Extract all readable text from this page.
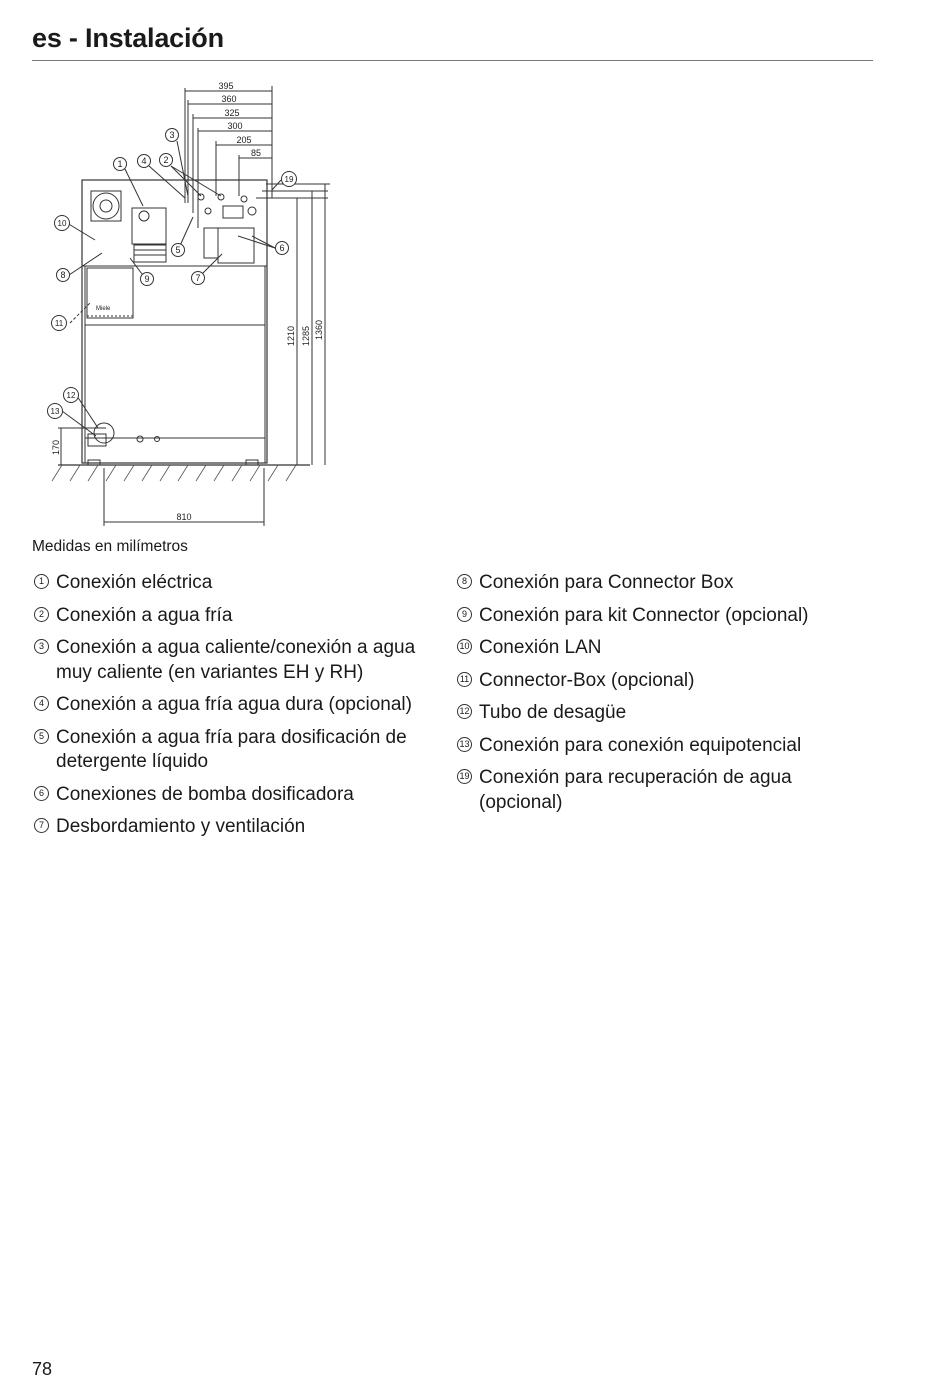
es - Instalación
395
360
325
300
205
85
1210 1285 1360
810
170
Miele
1	2
3
4
5	6
7
8	9
10
11
12
13
19
Medidas en milímetros
1 Conexión eléctrica
2 Conexión a agua fría
3 Conexión a agua caliente/conexión a agua muy caliente (en variantes EH y RH)
4 Conexión a agua fría agua dura (opcional)
5 Conexión a agua fría para dosificación de detergente líquido
6 Conexiones de bomba dosificadora
7 Desbordamiento y ventilación
8 Conexión para Connector Box
9 Conexión para kit Connector (opcional)
10 Conexión LAN
11 Connector-Box (opcional)
12 Tubo de desagüe
13 Conexión para conexión equipotencial
19 Conexión para recuperación de agua (opcional)
78
